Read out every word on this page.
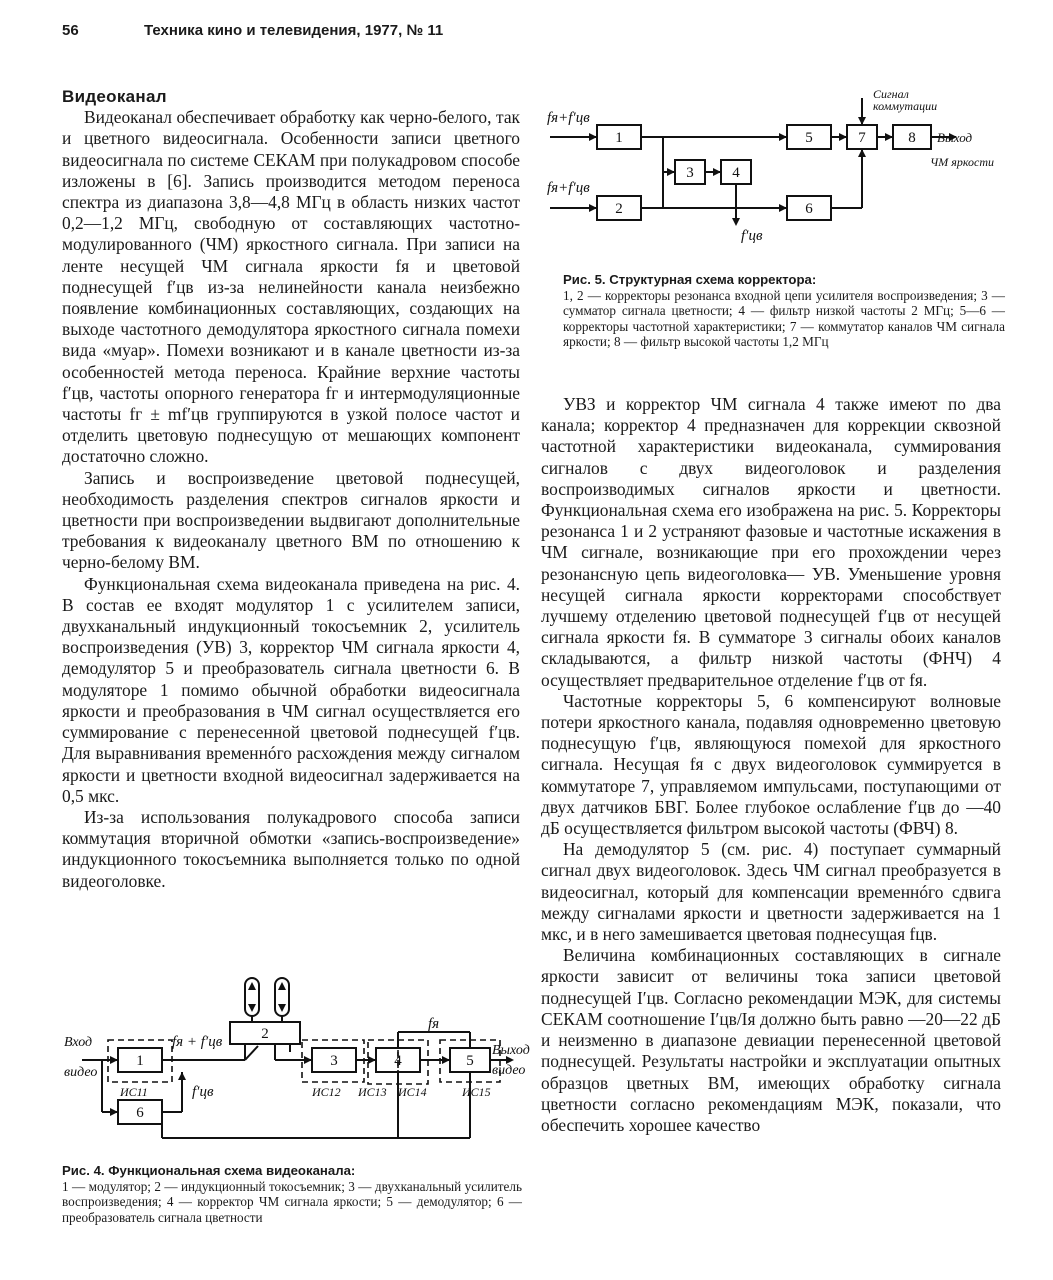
56	Техника кино и телевидения, 1977, № 11

Видеоканал

Видеоканал обеспечивает обработку как черно-белого, так и цветного видеосигнала. Особенности записи цветного видеосигнала по системе СЕКАМ при полукадровом способе изложены в [6]. Запись производится методом переноса спектра из диапазона 3,8—4,8 МГц в область низких частот 0,2—1,2 МГц, свободную от составляющих частотно-модулированного (ЧМ) яркостного сигнала. При записи на ленте несущей ЧМ сигнала яркости fя и цветовой поднесущей f′цв из-за нелинейности канала неизбежно появление комбинационных составляющих, создающих на выходе частотного демодулятора яркостного сигнала помехи вида «муар». Помехи возникают и в канале цветности из-за особенностей метода переноса. Крайние верхние частоты f′цв, частоты опорного генератора fг и интермодуляционные частоты fг ± mf′цв группируются в узкой полосе частот и отделить цветовую поднесущую от мешающих компонент достаточно сложно.

Запись и воспроизведение цветовой поднесущей, необходимость разделения спектров сигналов яркости и цветности при воспроизведении выдвигают дополнительные требования к видеоканалу цветного ВМ по отношению к черно-белому ВМ.

Функциональная схема видеоканала приведена на рис. 4. В состав ее входят модулятор 1 с усилителем записи, двухканальный индукционный токосъемник 2, усилитель воспроизведения (УВ) 3, корректор ЧМ сигнала яркости 4, демодулятор 5 и преобразователь сигнала цветности 6. В модуляторе 1 помимо обычной обработки видеосигнала яркости и преобразования в ЧМ сигнал осуществляется его суммирование с перенесенной цветовой поднесущей f′цв. Для выравнивания временнóго расхождения между сигналом яркости и цветности входной видеосигнал задерживается на 0,5 мкс.

Из-за использования полукадрового способа записи коммутация вторичной обмотки «запись-воспроизведение» индукционного токосъемника выполняется только по одной видеоголовке.

fя+f′цв
fя+f′цв
Сигнал
коммутации
Выход
ЧМ яркости
f′цв
1
2
3	4
5
6
7	8
Рис. 5. Структурная схема корректора:
1, 2 — корректоры резонанса входной цепи усилителя воспроизведения; 3 — сумматор сигнала цветности; 4 — фильтр низкой частоты 2 МГц; 5—6 — корректоры частотной характеристики; 7 — коммутатор каналов ЧМ сигнала яркости; 8 — фильтр высокой частоты 1,2 МГц

УВЗ и корректор ЧМ сигнала 4 также имеют по два канала; корректор 4 предназначен для коррекции сквозной частотной характеристики видеоканала, суммирования сигналов с двух видеоголовок и разделения воспроизводимых сигналов яркости и цветности. Функциональная схема его изображена на рис. 5. Корректоры резонанса 1 и 2 устраняют фазовые и частотные искажения в ЧМ сигнале, возникающие при его прохождении через резонансную цепь видеоголовка— УВ. Уменьшение уровня несущей сигнала яркости корректорами способствует лучшему отделению цветовой поднесущей f′цв от несущей сигнала яркости fя. В сумматоре 3 сигналы обоих каналов складываются, а фильтр низкой частоты (ФНЧ) 4 осуществляет предварительное отделение f′цв от fя.

Частотные корректоры 5, 6 компенсируют волновые потери яркостного канала, подавляя одновременно цветовую поднесущую f′цв, являющуюся помехой для яркостного сигнала. Несущая fя с двух видеоголовок суммируется в коммутаторе 7, управляемом импульсами, поступающими от двух датчиков БВГ. Более глубокое ослабление f′цв до —40 дБ осуществляется фильтром высокой частоты (ФВЧ) 8.

На демодулятор 5 (см. рис. 4) поступает суммарный сигнал двух видеоголовок. Здесь ЧМ сигнал преобразуется в видеосигнал, который для компенсации временнóго сдвига между сигналами яркости и цветности задерживается на 1 мкс, и в него замешивается цветовая поднесущая fцв.

Величина комбинационных составляющих в сигнале яркости зависит от величины тока записи цветовой поднесущей I′цв. Согласно рекомендации МЭК, для системы СЕКАМ соотношение I′цв/Iя должно быть равно —20—22 дБ и неизменно в диапазоне девиации перенесенной цветовой поднесущей. Результаты настройки и эксплуатации опытных образцов цветных ВМ, имеющих обработку сигнала цветности согласно рекомендациям МЭК, показали, что обеспечить хорошее качество

Вход
видео
Выход
видео
fя + f′цв
fя
f′цв
1
2
3	4	5
6
ИС11	ИС12 ИС13 ИС14	ИС15
Рис. 4. Функциональная схема видеоканала:
1 — модулятор; 2 — индукционный токосъемник; 3 — двухканальный усилитель воспроизведения; 4 — корректор ЧМ сигнала яркости; 5 — демодулятор; 6 — преобразователь сигнала цветности
